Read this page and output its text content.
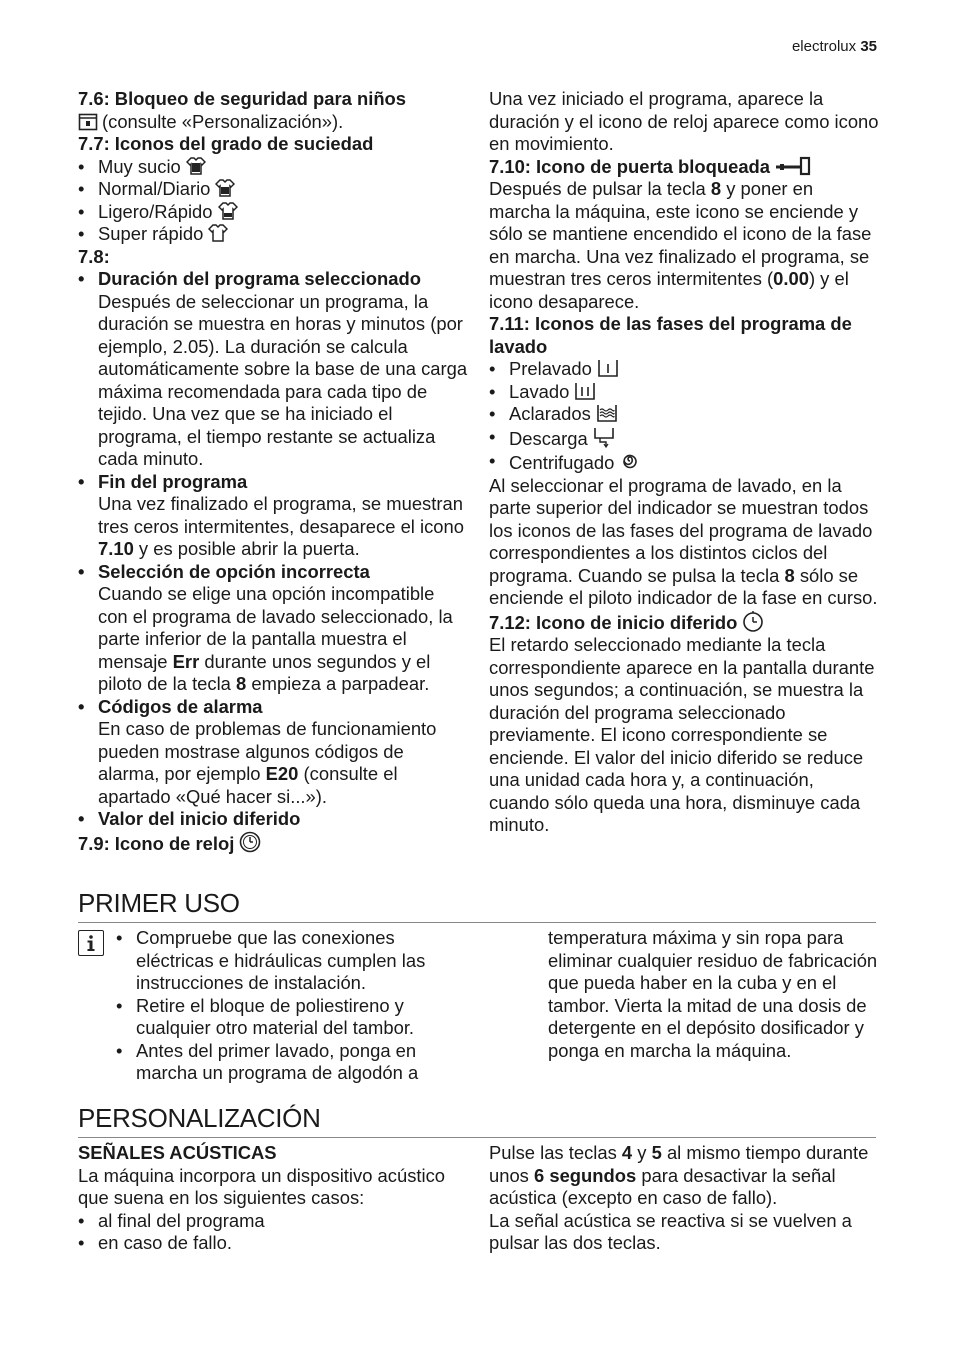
electrolux 35

7.6: Bloqueo de seguridad para niños

(consulte «Personalización»).

7.7: Iconos del grado de suciedad

• Muy sucio

• Normal/Diario

• Ligero/Rápido

• Super rápido

7.8:

• Duración del programa seleccionado

Después de seleccionar un programa, la duración se muestra en horas y minutos (por ejemplo, 2.05). La duración se calcula automáticamente sobre la base de una carga máxima recomendada para cada tipo de tejido. Una vez que se ha iniciado el programa, el tiempo restante se actualiza cada minuto.

• Fin del programa

Una vez finalizado el programa, se muestran tres ceros intermitentes, desaparece el icono 7.10 y es posible abrir la puerta.

• Selección de opción incorrecta

Cuando se elige una opción incompatible con el programa de lavado seleccionado, la parte inferior de la pantalla muestra el mensaje Err durante unos segundos y el piloto de la tecla 8 empieza a parpadear.

• Códigos de alarma

En caso de problemas de funcionamiento pueden mostrase algunos códigos de alarma, por ejemplo E20 (consulte el apartado «Qué hacer si...»).

• Valor del inicio diferido

7.9: Icono de reloj

Una vez iniciado el programa, aparece la duración y el icono de reloj aparece como icono en movimiento.

7.10: Icono de puerta bloqueada

Después de pulsar la tecla 8 y poner en marcha la máquina, este icono se enciende y sólo se mantiene encendido el icono de la fase en marcha. Una vez finalizado el programa, se muestran tres ceros intermitentes (0.00) y el icono desaparece.

7.11: Iconos de las fases del programa de lavado

• Prelavado

• Lavado

• Aclarados

• Descarga

• Centrifugado

Al seleccionar el programa de lavado, en la parte superior del indicador se muestran todos los iconos de las fases del programa de lavado correspondientes a los distintos ciclos del programa. Cuando se pulsa la tecla 8 sólo se enciende el piloto indicador de la fase en curso.

7.12: Icono de inicio diferido

El retardo seleccionado mediante la tecla correspondiente aparece en la pantalla durante unos segundos; a continuación, se muestra la duración del programa seleccionado previamente. El icono correspondiente se enciende. El valor del inicio diferido se reduce una unidad cada hora y, a continuación, cuando sólo queda una hora, disminuye cada minuto.

PRIMER USO

• Compruebe que las conexiones eléctricas e hidráulicas cumplen las instrucciones de instalación.

• Retire el bloque de poliestireno y cualquier otro material del tambor.

• Antes del primer lavado, ponga en marcha un programa de algodón a

temperatura máxima y sin ropa para eliminar cualquier residuo de fabricación que pueda haber en la cuba y en el tambor. Vierta la mitad de una dosis de detergente en el depósito dosificador y ponga en marcha la máquina.
PERSONALIZACIÓN

SEÑALES ACÚSTICAS

La máquina incorpora un dispositivo acústico que suena en los siguientes casos:

• al final del programa

• en caso de fallo.

Pulse las teclas 4 y 5 al mismo tiempo durante unos 6 segundos para desactivar la señal acústica (excepto en caso de fallo).

La señal acústica se reactiva si se vuelven a pulsar las dos teclas.
